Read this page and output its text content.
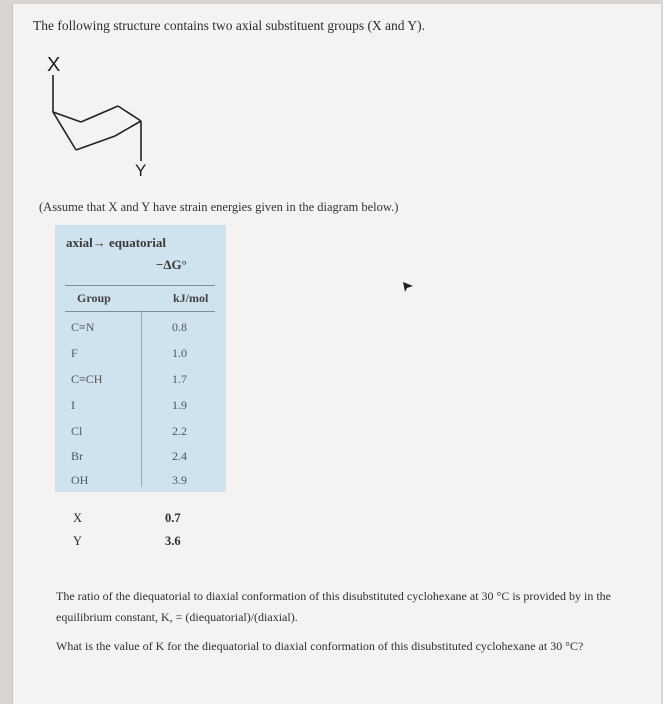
The following structure contains two axial substituent groups (X and Y).
X
Y
(Assume that X and Y have strain energies given in the diagram below.)
axial→ equatorial
−ΔG°
Group	kJ/mol
C≡N	0.8
F	1.0
C≡CH	1.7
I	1.9
Cl	2.2
Br	2.4
OH	3.9
X	0.7
Y	3.6
The ratio of the diequatorial to diaxial conformation of this disubstituted cyclohexane at 30 °C is provided by in the equilibrium constant, K, = (diequatorial)/(diaxial).
What is the value of K for the diequatorial to diaxial conformation of this disubstituted cyclohexane at 30 °C?
